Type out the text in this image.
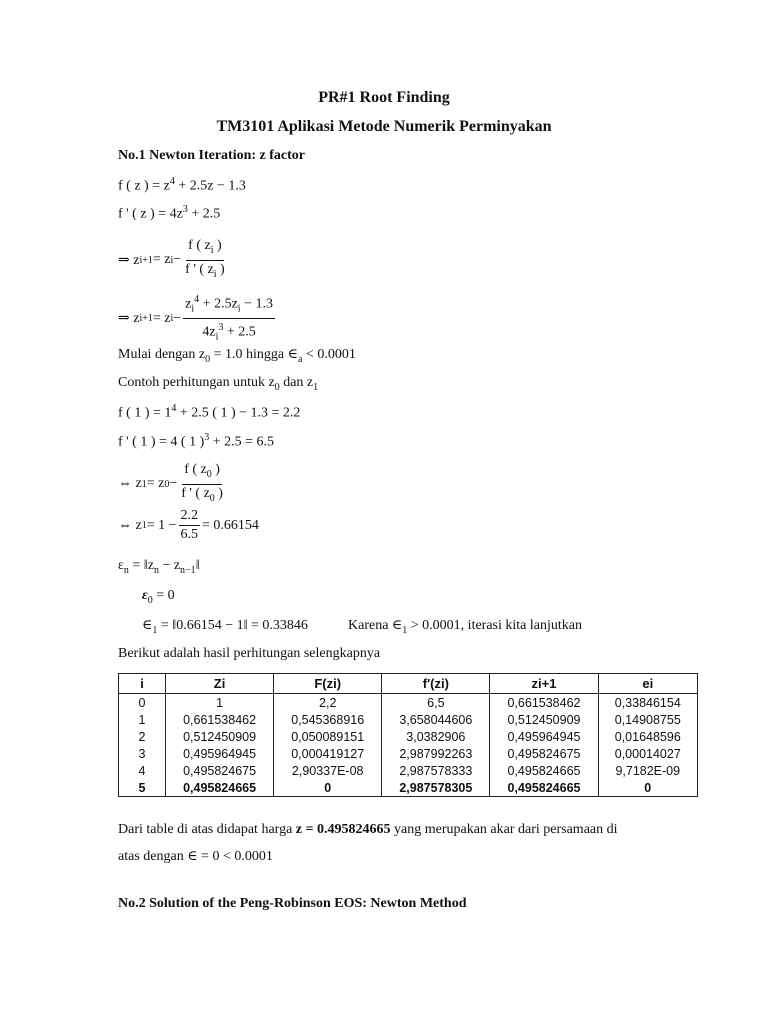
PR#1 Root Finding
TM3101 Aplikasi Metode Numerik Perminyakan
No.1 Newton Iteration: z factor
f ( z ) = $z^4 + 2.5z - 1.3$
f ' ( z ) = $4z^3 + 2.5$
⇒ z i+1 = z $i - \frac{f ( z_i )}{f ' ( z_i )}$
⇒ z i+1 = z $i - \frac{z_i^4 + 2.5z_i - 1.3}{4z_i^3 + 2.5}$
Mulai dengan $z_0 = 1.0$ hingga $\in_a < 0.0001$
Contoh perhitungan untuk $z_0$ dan $z_1$
f ( 1 ) = $1^4 + 2.5$ ( 1 ) − 1.3 = 2.2
f ' ( 1 ) = 4 ( 1 )$^3$ + 2.5 = 6.5
⇔ z 1 = z $0 - \frac{f ( z_0 )}{f ' ( z_0 )}$
⇔ z $1 = 1 - \frac{2.2}{6.5} = 0.66154$
$\varepsilon_n$ = $‖z_n$ − $z_{n-1}‖$
$\varepsilon_0 = 0$
$\in_1$ = ‖0.66154 − 1‖ = 0.33846	Karena $\in_1 > 0.0001$, iterasi kita lanjutkan
Berikut adalah hasil perhitungan selengkapnya
i	Zi	F(zi)	f'(zi)	zi+1	ei
0	1	2,2	6,5	0,661538462	0,33846154
1	0,661538462	0,545368916	3,658044606	0,512450909	0,14908755
2	0,512450909	0,050089151	3,0382906	0,495964945	0,01648596
3	0,495964945	0,000419127	2,987992263	0,495824675	0,00014027
4	0,495824675	2,90337E-08	2,987578333	0,495824665	9,7182E-09
5	0,495824665	0	2,987578305	0,495824665	0
Dari table di atas didapat harga z = 0.495824665 yang merupakan akar dari persamaan di
atas dengan ∈ = 0 < 0.0001
No.2 Solution of the Peng-Robinson EOS: Newton Method
